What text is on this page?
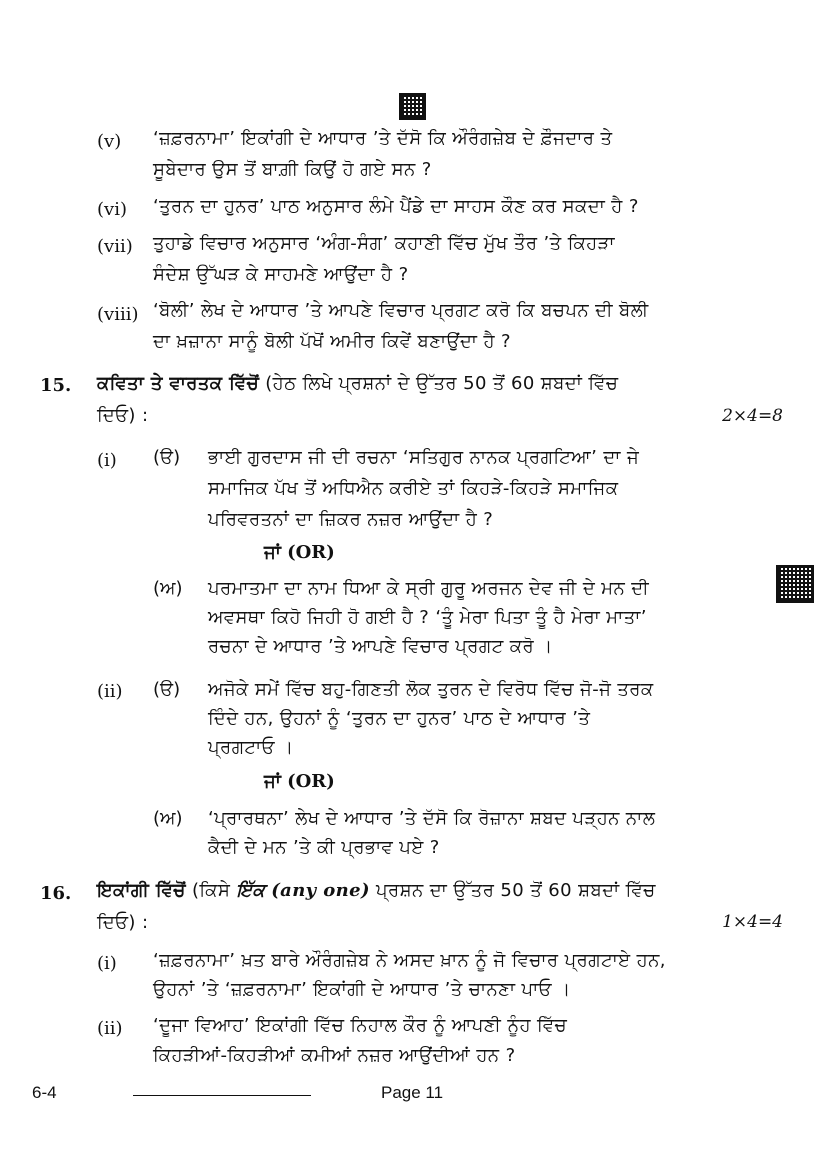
(v) ‘ਜ਼ਫ਼ਰਨਾਮਾ’ ਇਕਾਂਗੀ ਦੇ ਆਧਾਰ ’ਤੇ ਦੱਸੋ ਕਿ ਔਰੰਗਜ਼ੇਬ ਦੇ ਫ਼ੌਜਦਾਰ ਤੇ
ਸੂਬੇਦਾਰ ਉਸ ਤੋਂ ਬਾਗ਼ੀ ਕਿਉਂ ਹੋ ਗਏ ਸਨ ?
(vi) ‘ਤੁਰਨ ਦਾ ਹੁਨਰ’ ਪਾਠ ਅਨੁਸਾਰ ਲੰਮੇ ਪੈਂਡੇ ਦਾ ਸਾਹਸ ਕੌਣ ਕਰ ਸਕਦਾ ਹੈ ?
(vii) ਤੁਹਾਡੇ ਵਿਚਾਰ ਅਨੁਸਾਰ ‘ਅੰਗ-ਸੰਗ’ ਕਹਾਣੀ ਵਿੱਚ ਮੁੱਖ ਤੌਰ ’ਤੇ ਕਿਹੜਾ
ਸੰਦੇਸ਼ ਉੱਘੜ ਕੇ ਸਾਹਮਣੇ ਆਉਂਦਾ ਹੈ ?
(viii) ‘ਬੋਲੀ’ ਲੇਖ ਦੇ ਆਧਾਰ ’ਤੇ ਆਪਣੇ ਵਿਚਾਰ ਪ੍ਰਗਟ ਕਰੋ ਕਿ ਬਚਪਨ ਦੀ ਬੋਲੀ
ਦਾ ਖ਼ਜ਼ਾਨਾ ਸਾਨੂੰ ਬੋਲੀ ਪੱਖੋਂ ਅਮੀਰ ਕਿਵੇਂ ਬਣਾਉਂਦਾ ਹੈ ?
15. ਕਵਿਤਾ ਤੇ ਵਾਰਤਕ ਵਿੱਚੋਂ (ਹੇਠ ਲਿਖੇ ਪ੍ਰਸ਼ਨਾਂ ਦੇ ਉੱਤਰ 50 ਤੋਂ 60 ਸ਼ਬਦਾਂ ਵਿੱਚ
ਦਿਓ) :	2×4=8
(i) (ੳ) ਭਾਈ ਗੁਰਦਾਸ ਜੀ ਦੀ ਰਚਨਾ ‘ਸਤਿਗੁਰ ਨਾਨਕ ਪ੍ਰਗਟਿਆ’ ਦਾ ਜੇ
ਸਮਾਜਿਕ ਪੱਖ ਤੋਂ ਅਧਿਐਨ ਕਰੀਏ ਤਾਂ ਕਿਹੜੇ-ਕਿਹੜੇ ਸਮਾਜਿਕ
ਪਰਿਵਰਤਨਾਂ ਦਾ ਜ਼ਿਕਰ ਨਜ਼ਰ ਆਉਂਦਾ ਹੈ ?
ਜਾਂ (OR)
(ਅ) ਪਰਮਾਤਮਾ ਦਾ ਨਾਮ ਧਿਆ ਕੇ ਸ੍ਰੀ ਗੁਰੂ ਅਰਜਨ ਦੇਵ ਜੀ ਦੇ ਮਨ ਦੀ
ਅਵਸਥਾ ਕਿਹੋ ਜਿਹੀ ਹੋ ਗਈ ਹੈ ? ‘ਤੂੰ ਮੇਰਾ ਪਿਤਾ ਤੂੰ ਹੈ ਮੇਰਾ ਮਾਤਾ’
ਰਚਨਾ ਦੇ ਆਧਾਰ ’ਤੇ ਆਪਣੇ ਵਿਚਾਰ ਪ੍ਰਗਟ ਕਰੋ ।
(ii) (ੳ) ਅਜੋਕੇ ਸਮੇਂ ਵਿੱਚ ਬਹੁ-ਗਿਣਤੀ ਲੋਕ ਤੁਰਨ ਦੇ ਵਿਰੋਧ ਵਿੱਚ ਜੋ-ਜੋ ਤਰਕ
ਦਿੰਦੇ ਹਨ, ਉਹਨਾਂ ਨੂੰ ‘ਤੁਰਨ ਦਾ ਹੁਨਰ’ ਪਾਠ ਦੇ ਆਧਾਰ ’ਤੇ
ਪ੍ਰਗਟਾਓ ।
ਜਾਂ (OR)
(ਅ) ‘ਪ੍ਰਾਰਥਨਾ’ ਲੇਖ ਦੇ ਆਧਾਰ ’ਤੇ ਦੱਸੋ ਕਿ ਰੋਜ਼ਾਨਾ ਸ਼ਬਦ ਪੜ੍ਹਨ ਨਾਲ
ਕੈਦੀ ਦੇ ਮਨ ’ਤੇ ਕੀ ਪ੍ਰਭਾਵ ਪਏ ?
16. ਇਕਾਂਗੀ ਵਿੱਚੋਂ (ਕਿਸੇ ਇੱਕ (any one) ਪ੍ਰਸ਼ਨ ਦਾ ਉੱਤਰ 50 ਤੋਂ 60 ਸ਼ਬਦਾਂ ਵਿੱਚ
ਦਿਓ) :	1×4=4
(i) ‘ਜ਼ਫ਼ਰਨਾਮਾ’ ਖ਼ਤ ਬਾਰੇ ਔਰੰਗਜ਼ੇਬ ਨੇ ਅਸਦ ਖ਼ਾਨ ਨੂੰ ਜੋ ਵਿਚਾਰ ਪ੍ਰਗਟਾਏ ਹਨ,
ਉਹਨਾਂ ’ਤੇ ‘ਜ਼ਫ਼ਰਨਾਮਾ’ ਇਕਾਂਗੀ ਦੇ ਆਧਾਰ ’ਤੇ ਚਾਨਣਾ ਪਾਓ ।
(ii) ‘ਦੂਜਾ ਵਿਆਹ’ ਇਕਾਂਗੀ ਵਿੱਚ ਨਿਹਾਲ ਕੌਰ ਨੂੰ ਆਪਣੀ ਨੂੰਹ ਵਿੱਚ
ਕਿਹੜੀਆਂ-ਕਿਹੜੀਆਂ ਕਮੀਆਂ ਨਜ਼ਰ ਆਉਂਦੀਆਂ ਹਨ ?
6-4	Page 11
